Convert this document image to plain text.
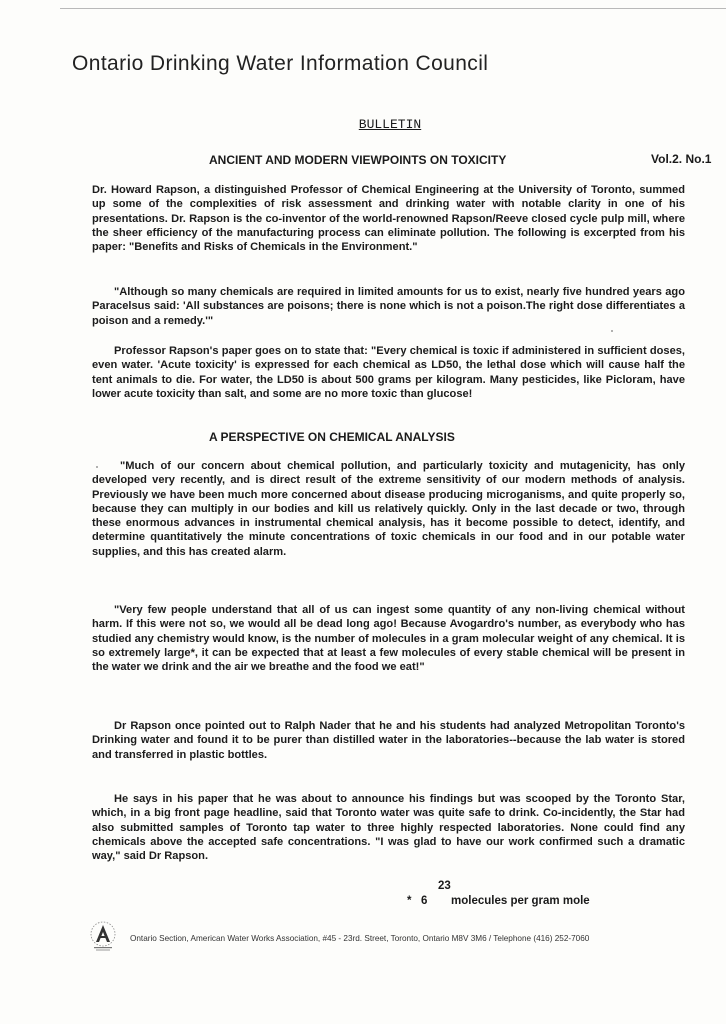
Ontario Drinking Water Information Council
BULLETIN
ANCIENT AND MODERN VIEWPOINTS ON TOXICITY	Vol.2. No.1

Dr. Howard Rapson, a distinguished Professor of Chemical Engineering at the University of Toronto, summed up some of the complexities of risk assessment and drinking water with notable clarity in one of his presentations. Dr. Rapson is the co-inventor of the world-renowned Rapson/Reeve closed cycle pulp mill, where the sheer efficiency of the manufacturing process can eliminate pollution. The following is excerpted from his paper: "Benefits and Risks of Chemicals in the Environment."

"Although so many chemicals are required in limited amounts for us to exist, nearly five hundred years ago Paracelsus said: 'All substances are poisons; there is none which is not a poison.The right dose differentiates a poison and a remedy.'"

Professor Rapson's paper goes on to state that: "Every chemical is toxic if administered in sufficient doses, even water. 'Acute toxicity' is expressed for each chemical as LD50, the lethal dose which will cause half the tent animals to die. For water, the LD50 is about 500 grams per kilogram. Many pesticides, like Picloram, have lower acute toxicity than salt, and some are no more toxic than glucose!

A PERSPECTIVE ON CHEMICAL ANALYSIS

"Much of our concern about chemical pollution, and particularly toxicity and mutagenicity, has only developed very recently, and is direct result of the extreme sensitivity of our modern methods of analysis. Previously we have been much more concerned about disease producing microganisms, and quite properly so, because they can multiply in our bodies and kill us relatively quickly. Only in the last decade or two, through these enormous advances in instrumental chemical analysis, has it become possible to detect, identify, and determine quantitatively the minute concentrations of toxic chemicals in our food and in our potable water supplies, and this has created alarm.

"Very few people understand that all of us can ingest some quantity of any non-living chemical without harm. If this were not so, we would all be dead long ago! Because Avogardro's number, as everybody who has studied any chemistry would know, is the number of molecules in a gram molecular weight of any chemical. It is so extremely large*, it can be expected that at least a few molecules of every stable chemical will be present in the water we drink and the air we breathe and the food we eat!"

Dr Rapson once pointed out to Ralph Nader that he and his students had analyzed Metropolitan Toronto's Drinking water and found it to be purer than distilled water in the laboratories--because the lab water is stored and transferred in plastic bottles.

He says in his paper that he was about to announce his findings but was scooped by the Toronto Star, which, in a big front page headline, said that Toronto water was quite safe to drink. Co-incidently, the Star had also submitted samples of Toronto tap water to three highly respected laboratories. None could find any chemicals above the accepted safe concentrations. "I was glad to have our work confirmed such a dramatic way," said Dr Rapson.

23
* 6 molecules per gram mole
Ontario Section, American Water Works Association, #45 - 23rd. Street, Toronto, Ontario M8V 3M6 / Telephone (416) 252-7060
